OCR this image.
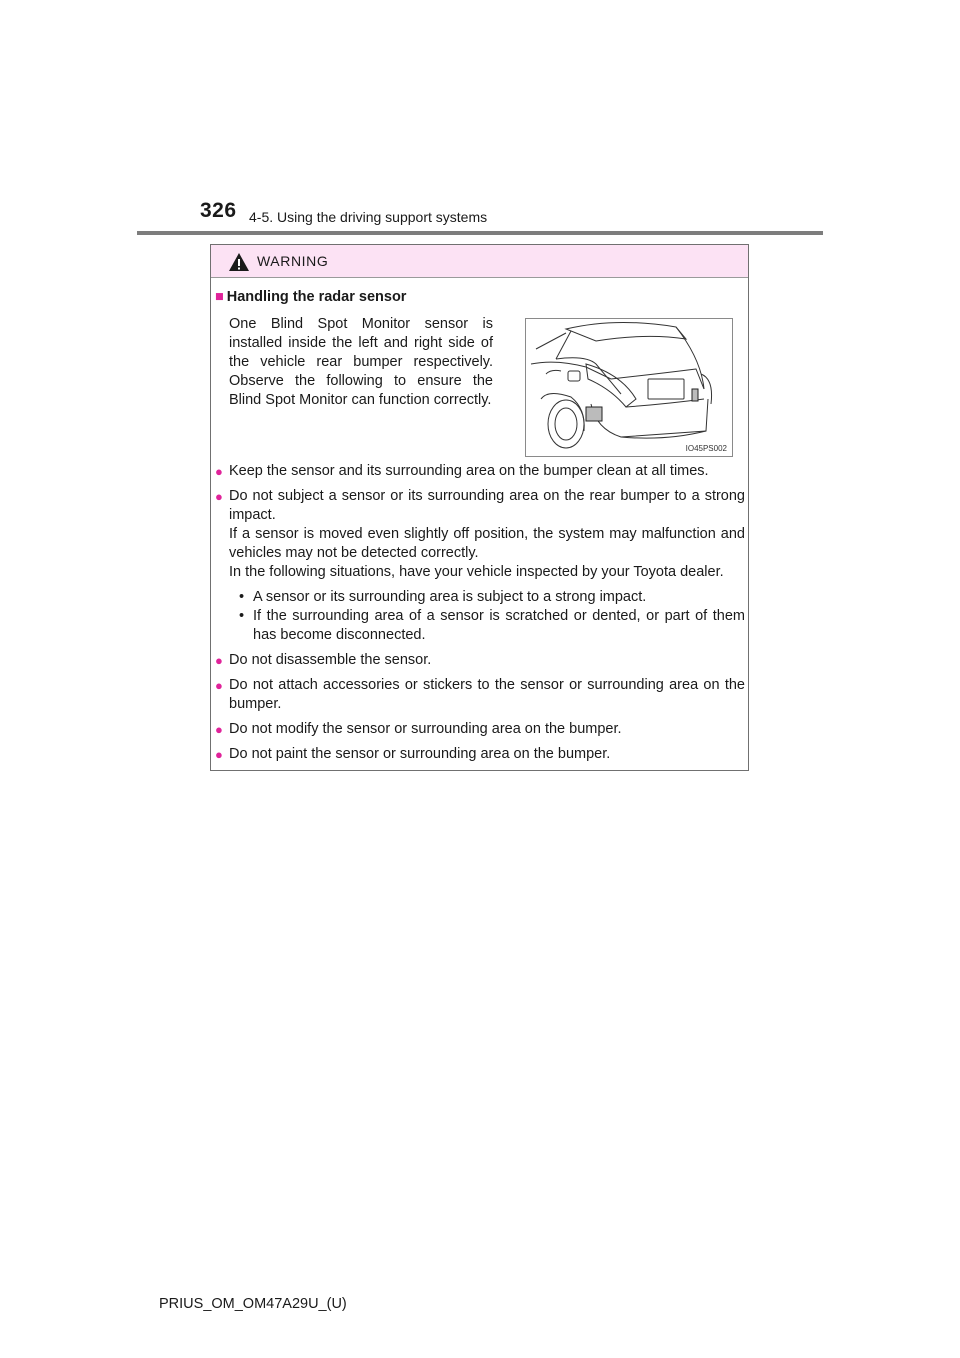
326 4-5. Using the driving support systems
WARNING
■ Handling the radar sensor
One Blind Spot Monitor sensor is installed inside the left and right side of the vehicle rear bumper respectively. Observe the following to ensure the Blind Spot Monitor can function correctly.
IO45PS002
● Keep the sensor and its surrounding area on the bumper clean at all times.
● Do not subject a sensor or its surrounding area on the rear bumper to a strong impact.
If a sensor is moved even slightly off position, the system may malfunction and vehicles may not be detected correctly.
In the following situations, have your vehicle inspected by your Toyota dealer.
• A sensor or its surrounding area is subject to a strong impact.
• If the surrounding area of a sensor is scratched or dented, or part of them has become disconnected.
● Do not disassemble the sensor.
● Do not attach accessories or stickers to the sensor or surrounding area on the bumper.
● Do not modify the sensor or surrounding area on the bumper.
● Do not paint the sensor or surrounding area on the bumper.
PRIUS_OM_OM47A29U_(U)
